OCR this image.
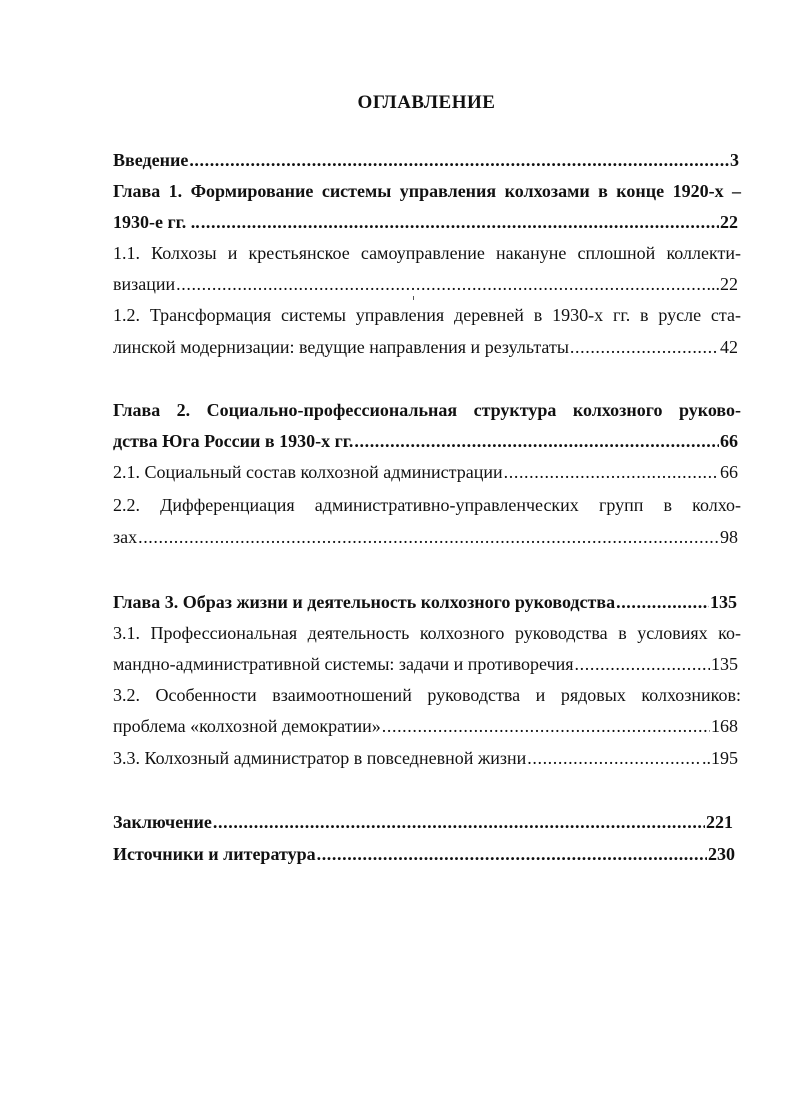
ОГЛАВЛЕНИЕ
Введение .....	3
Глава 1. Формирование системы управления колхозами в конце 1920-х –
1930-е гг. .. .....	22
1.1. Колхозы и крестьянское самоуправление накануне сплошной коллекти-
визации .....	..22
1.2. Трансформация системы управления деревней в 1930-х гг. в русле ста-
линской модернизации: ведущие направления и результаты .....	42
Глава 2. Социально-профессиональная структура колхозного руково-
дства Юга России в 1930-х гг. .....	66
2.1. Социальный состав колхозной администрации .....	66
2.2. Дифференциация административно-управленческих групп в колхо-
зах .....	98
Глава 3. Образ жизни и деятельность колхозного руководства .....	135
3.1. Профессиональная деятельность колхозного руководства в условиях ко-
мандно-административной системы: задачи и противоречия .....	135
3.2. Особенности взаимоотношений руководства и рядовых колхозников:
проблема «колхозной демократии» .....	168
3.3. Колхозный администратор в повседневной жизни .....	..195
Заключение .....	221
Источники и литература .....	230
